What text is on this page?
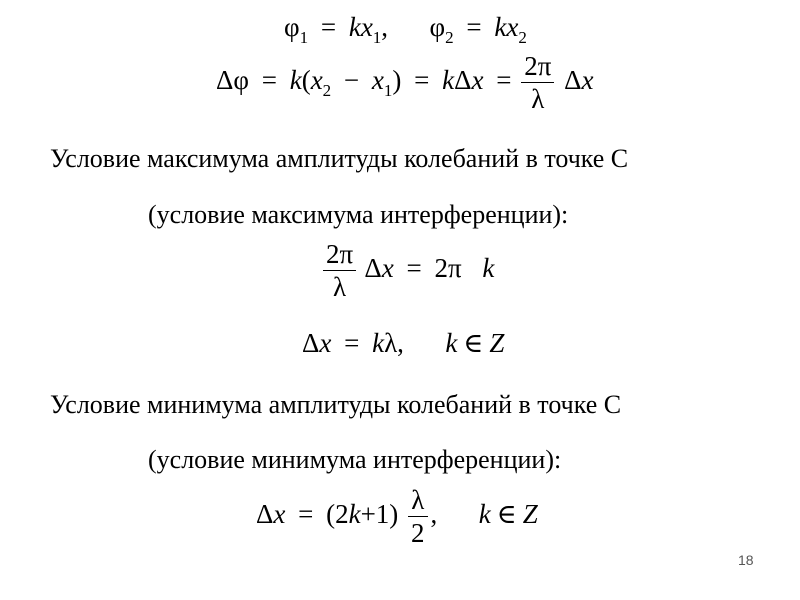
$\varphi_1 = kx_1$, $\varphi_2 = kx_2$
$\Delta\varphi = k(x_2 - x_1) = k\Delta x = \frac{2\pi}{\lambda}$ Δx
Условие максимума амплитуды колебаний в точке C
(условие максимума интерференции):
$\frac{2\pi}{\lambda}$ Δx = 2π k
Δx = kλ, k ∈ Z
Условие минимума амплитуды колебаний в точке C
(условие минимума интерференции):
$\Delta x = (2k+1) \frac{\lambda}{2}$ , k ∈ Z
18
